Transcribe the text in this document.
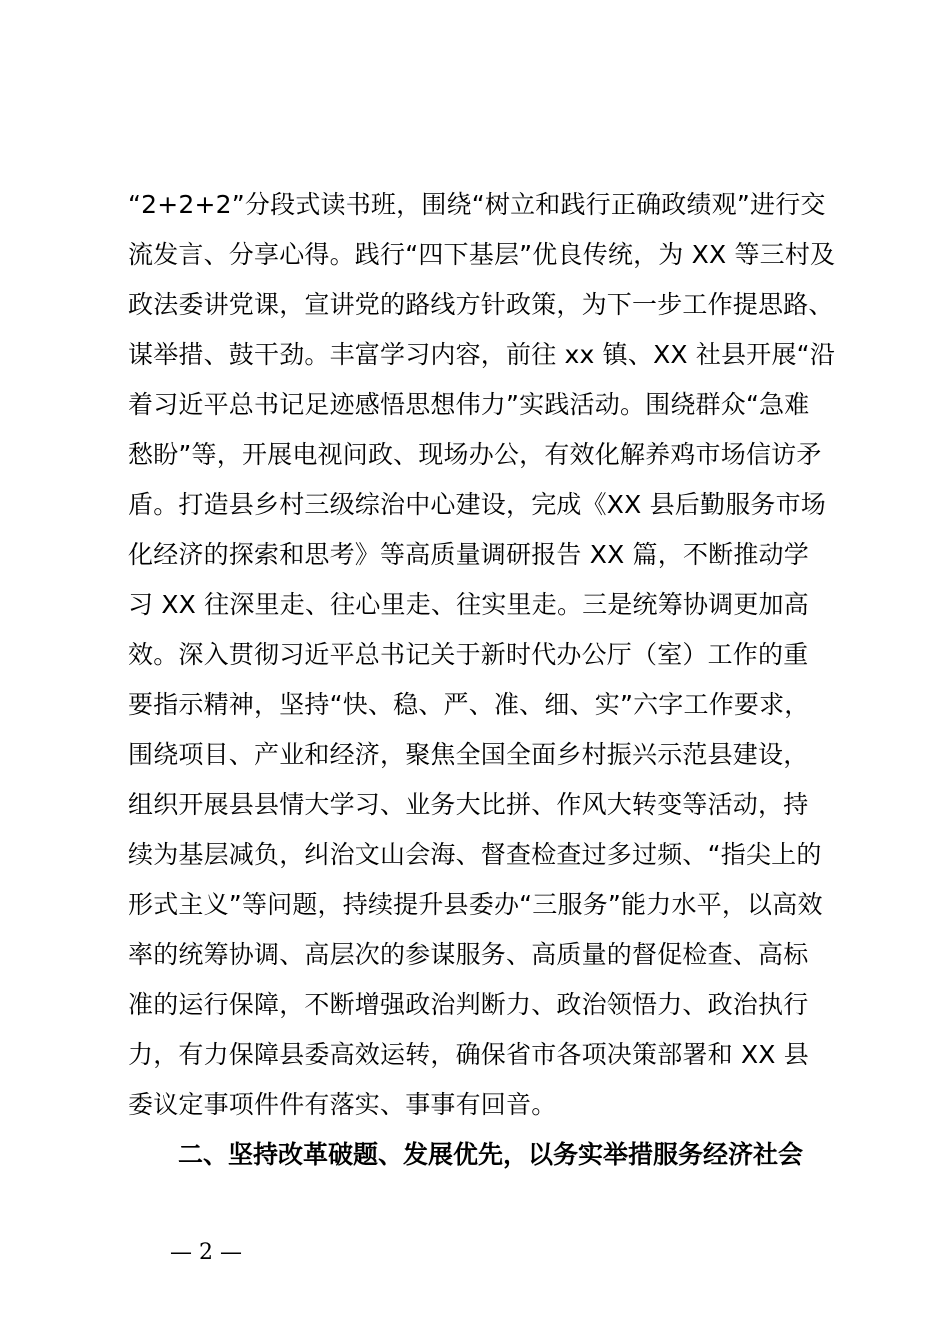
“2+2+2”分段式读书班，围绕“树立和践行正确政绩观”进行交
流发言、分享心得。践行“四下基层”优良传统，为 XX 等三村及
政法委讲党课，宣讲党的路线方针政策，为下一步工作提思路、
谋举措、鼓干劲。丰富学习内容，前往 xx 镇、XX 社县开展“沿
着习近平总书记足迹感悟思想伟力”实践活动。围绕群众“急难
愁盼”等，开展电视问政、现场办公，有效化解养鸡市场信访矛
盾。打造县乡村三级综治中心建设，完成《XX 县后勤服务市场
化经济的探索和思考》等高质量调研报告 XX 篇，不断推动学
习 XX 往深里走、往心里走、往实里走。三是统筹协调更加高
效。深入贯彻习近平总书记关于新时代办公厅（室）工作的重
要指示精神，坚持“快、稳、严、准、细、实”六字工作要求，
围绕项目、产业和经济，聚焦全国全面乡村振兴示范县建设，
组织开展县县情大学习、业务大比拼、作风大转变等活动，持
续为基层减负，纠治文山会海、督查检查过多过频、“指尖上的
形式主义”等问题，持续提升县委办“三服务”能力水平，以高效
率的统筹协调、高层次的参谋服务、高质量的督促检查、高标
准的运行保障，不断增强政治判断力、政治领悟力、政治执行
力，有力保障县委高效运转，确保省市各项决策部署和 XX 县
委议定事项件件有落实、事事有回音。
二、坚持改革破题、发展优先，以务实举措服务经济社会
— 2 —
